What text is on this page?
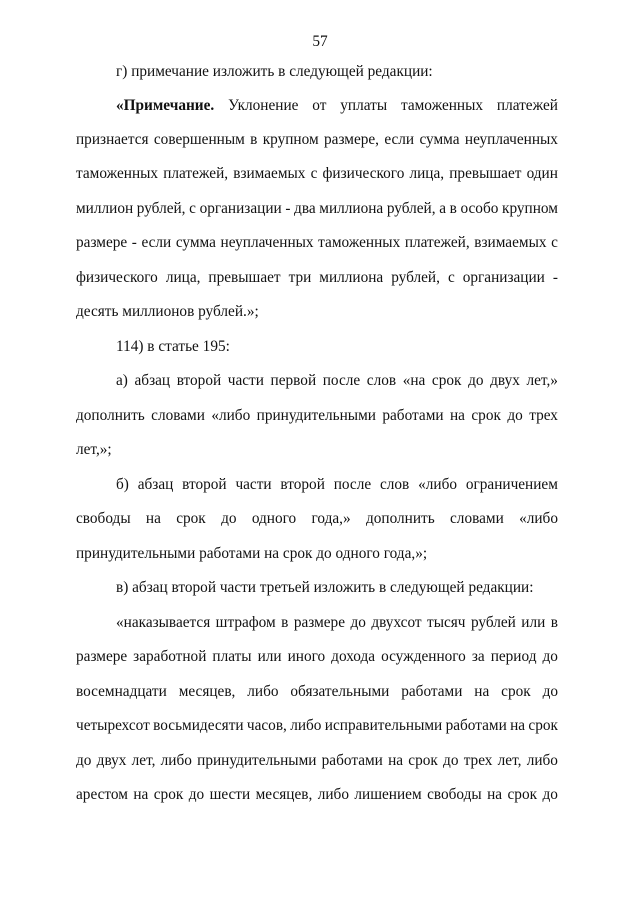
57
г) примечание изложить в следующей редакции:
«Примечание. Уклонение от уплаты таможенных платежей
признается совершенным в крупном размере, если сумма неуплаченных
таможенных платежей, взимаемых с физического лица, превышает один
миллион рублей, с организации - два миллиона рублей, а в особо крупном
размере - если сумма неуплаченных таможенных платежей, взимаемых с
физического лица, превышает три миллиона рублей, с организации -
десять миллионов рублей.»;
114) в статье 195:
а) абзац второй части первой после слов «на срок до двух лет,»
дополнить словами «либо принудительными работами на срок до трех
лет,»;
б) абзац второй части второй после слов «либо ограничением
свободы на срок до одного года,» дополнить словами «либо
принудительными работами на срок до одного года,»;
в) абзац второй части третьей изложить в следующей редакции:
«наказывается штрафом в размере до двухсот тысяч рублей или в
размере заработной платы или иного дохода осужденного за период до
восемнадцати месяцев, либо обязательными работами на срок до
четырехсот восьмидесяти часов, либо исправительными работами на срок
до двух лет, либо принудительными работами на срок до трех лет, либо
арестом на срок до шести месяцев, либо лишением свободы на срок до
